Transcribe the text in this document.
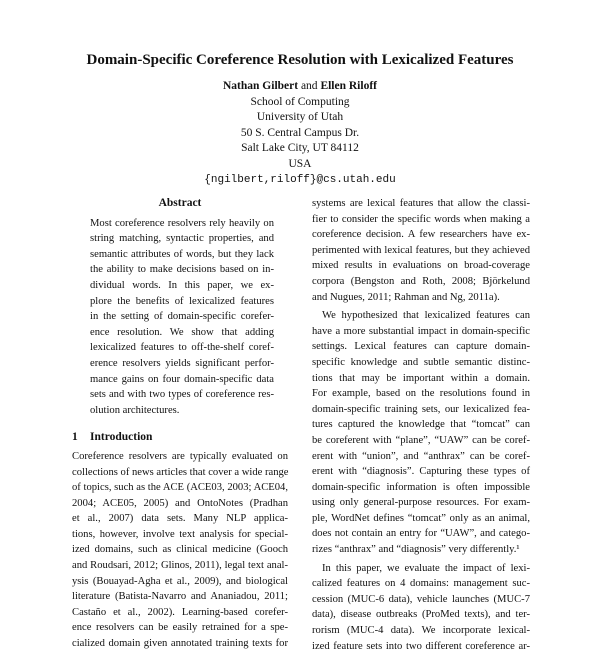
Domain-Specific Coreference Resolution with Lexicalized Features
Nathan Gilbert and Ellen Riloff
School of Computing
University of Utah
50 S. Central Campus Dr.
Salt Lake City, UT 84112
USA
{ngilbert,riloff}@cs.utah.edu
Abstract
Most coreference resolvers rely heavily on
string matching, syntactic properties, and
semantic attributes of words, but they lack
the ability to make decisions based on in-
dividual words. In this paper, we ex-
plore the benefits of lexicalized features
in the setting of domain-specific corefer-
ence resolution. We show that adding
lexicalized features to off-the-shelf coref-
erence resolvers yields significant perfor-
mance gains on four domain-specific data
sets and with two types of coreference res-
olution architectures.
1 Introduction
Coreference resolvers are typically evaluated on
collections of news articles that cover a wide range
of topics, such as the ACE (ACE03, 2003; ACE04,
2004; ACE05, 2005) and OntoNotes (Pradhan
et al., 2007) data sets. Many NLP applica-
tions, however, involve text analysis for special-
ized domains, such as clinical medicine (Gooch
and Roudsari, 2012; Glinos, 2011), legal text anal-
ysis (Bouayad-Agha et al., 2009), and biological
literature (Batista-Navarro and Ananiadou, 2011;
Castaño et al., 2002). Learning-based corefer-
ence resolvers can be easily retrained for a spe-
cialized domain given annotated training texts for
systems are lexical features that allow the classi-
fier to consider the specific words when making a
coreference decision. A few researchers have ex-
perimented with lexical features, but they achieved
mixed results in evaluations on broad-coverage
corpora (Bengston and Roth, 2008; Björkelund
and Nugues, 2011; Rahman and Ng, 2011a).
We hypothesized that lexicalized features can
have a more substantial impact in domain-specific
settings. Lexical features can capture domain-
specific knowledge and subtle semantic distinc-
tions that may be important within a domain.
For example, based on the resolutions found in
domain-specific training sets, our lexicalized fea-
tures captured the knowledge that “tomcat” can
be coreferent with “plane”, “UAW” can be coref-
erent with “union”, and “anthrax” can be coref-
erent with “diagnosis”. Capturing these types of
domain-specific information is often impossible
using only general-purpose resources. For exam-
ple, WordNet defines “tomcat” only as an animal,
does not contain an entry for “UAW”, and catego-
rizes “anthrax” and “diagnosis” very differently.¹
In this paper, we evaluate the impact of lexi-
calized features on 4 domains: management suc-
cession (MUC-6 data), vehicle launches (MUC-7
data), disease outbreaks (ProMed texts), and ter-
rorism (MUC-4 data). We incorporate lexical-
ized feature sets into two different coreference ar-
